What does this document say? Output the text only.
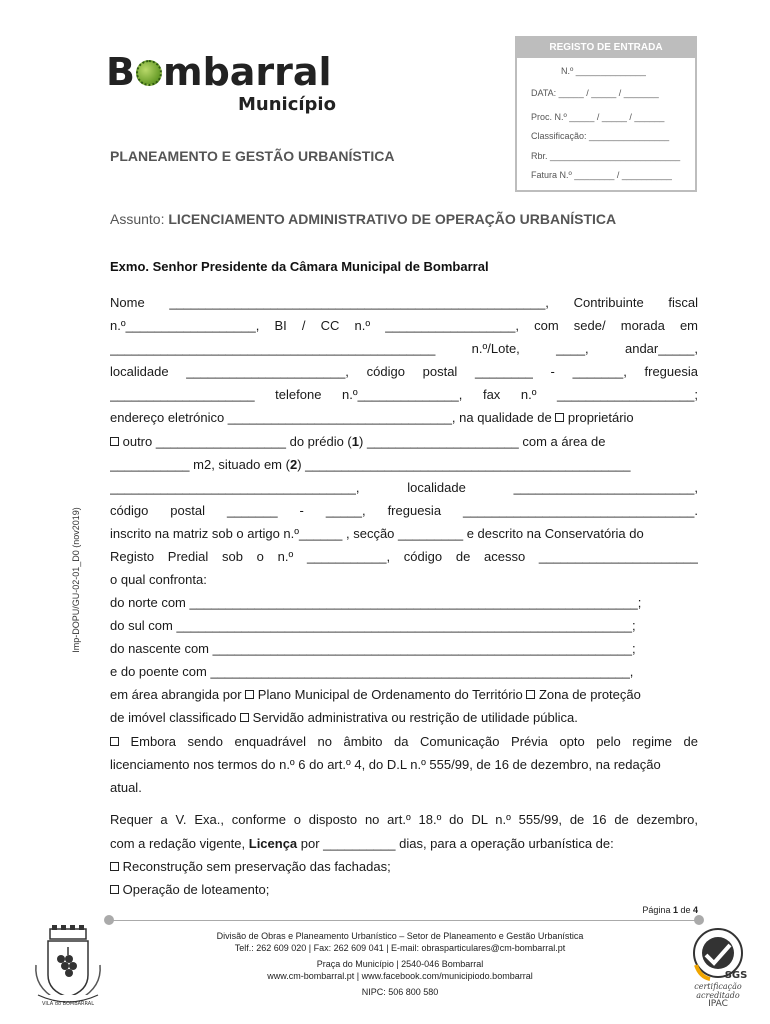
B mbarral
Município
REGISTO DE ENTRADA
N.º ______________
DATA: _____ / _____ / _______
Proc. N.º _____ / _____ / ______
Classificação: ________________
Rbr. __________________________
Fatura N.º ________ / __________
PLANEAMENTO E GESTÃO URBANÍSTICA
Assunto: LICENCIAMENTO ADMINISTRATIVO DE OPERAÇÃO URBANÍSTICA
Exmo. Senhor Presidente da Câmara Municipal de Bombarral
Imp-DOPU/GU-02-01_D0 (nov2019)
Nome ____________________________________________________, Contribuinte fiscal
n.º__________________, BI / CC n.º __________________, com sede/ morada em
_____________________________________________ n.º/Lote, ____, andar_____,
localidade ______________________, código postal ________ - _______, freguesia
____________________ telefone n.º______________, fax n.º ___________________;
endereço eletrónico _______________________________, na qualidade de  proprietário
outro __________________ do prédio (1) _____________________ com a área de
___________ m2, situado em (2) _____________________________________________
__________________________________, localidade _________________________,
código postal _______ - _____, freguesia ________________________________.
inscrito na matriz sob o artigo n.º______ , secção _________ e descrito na Conservatória do
Registo Predial sob o n.º ___________, código de acesso ______________________
o qual confronta:
do norte com ______________________________________________________________;
do sul com _______________________________________________________________;
do nascente com __________________________________________________________;
e do poente com __________________________________________________________,
em área abrangida por  Plano Municipal de Ordenamento do Território  Zona de proteção
de imóvel classificado  Servidão administrativa ou restrição de utilidade pública.
Embora sendo enquadrável no âmbito da Comunicação Prévia opto pelo regime de
licenciamento nos termos do n.º 6 do art.º 4, do D.L n.º 555/99, de 16 de dezembro, na redação
atual.
Requer a V. Exa., conforme o disposto no art.º 18.º do DL n.º 555/99, de 16 de dezembro,
com a redação vigente, Licença por __________ dias, para a operação urbanística de:
Reconstrução sem preservação das fachadas;
Operação de loteamento;
Página 1 de 4
Divisão de Obras e Planeamento Urbanístico – Setor de Planeamento e Gestão Urbanística
Telf.: 262 609 020 | Fax: 262 609 041 | E-mail: obrasparticulares@cm-bombarral.pt
Praça do Município | 2540-046 Bombarral
www.cm-bombarral.pt | www.facebook.com/municipiodo.bombarral
NIPC: 506 800 580
VILA do BOMBARRAL
SGS
certificação
acreditado
IPAC
